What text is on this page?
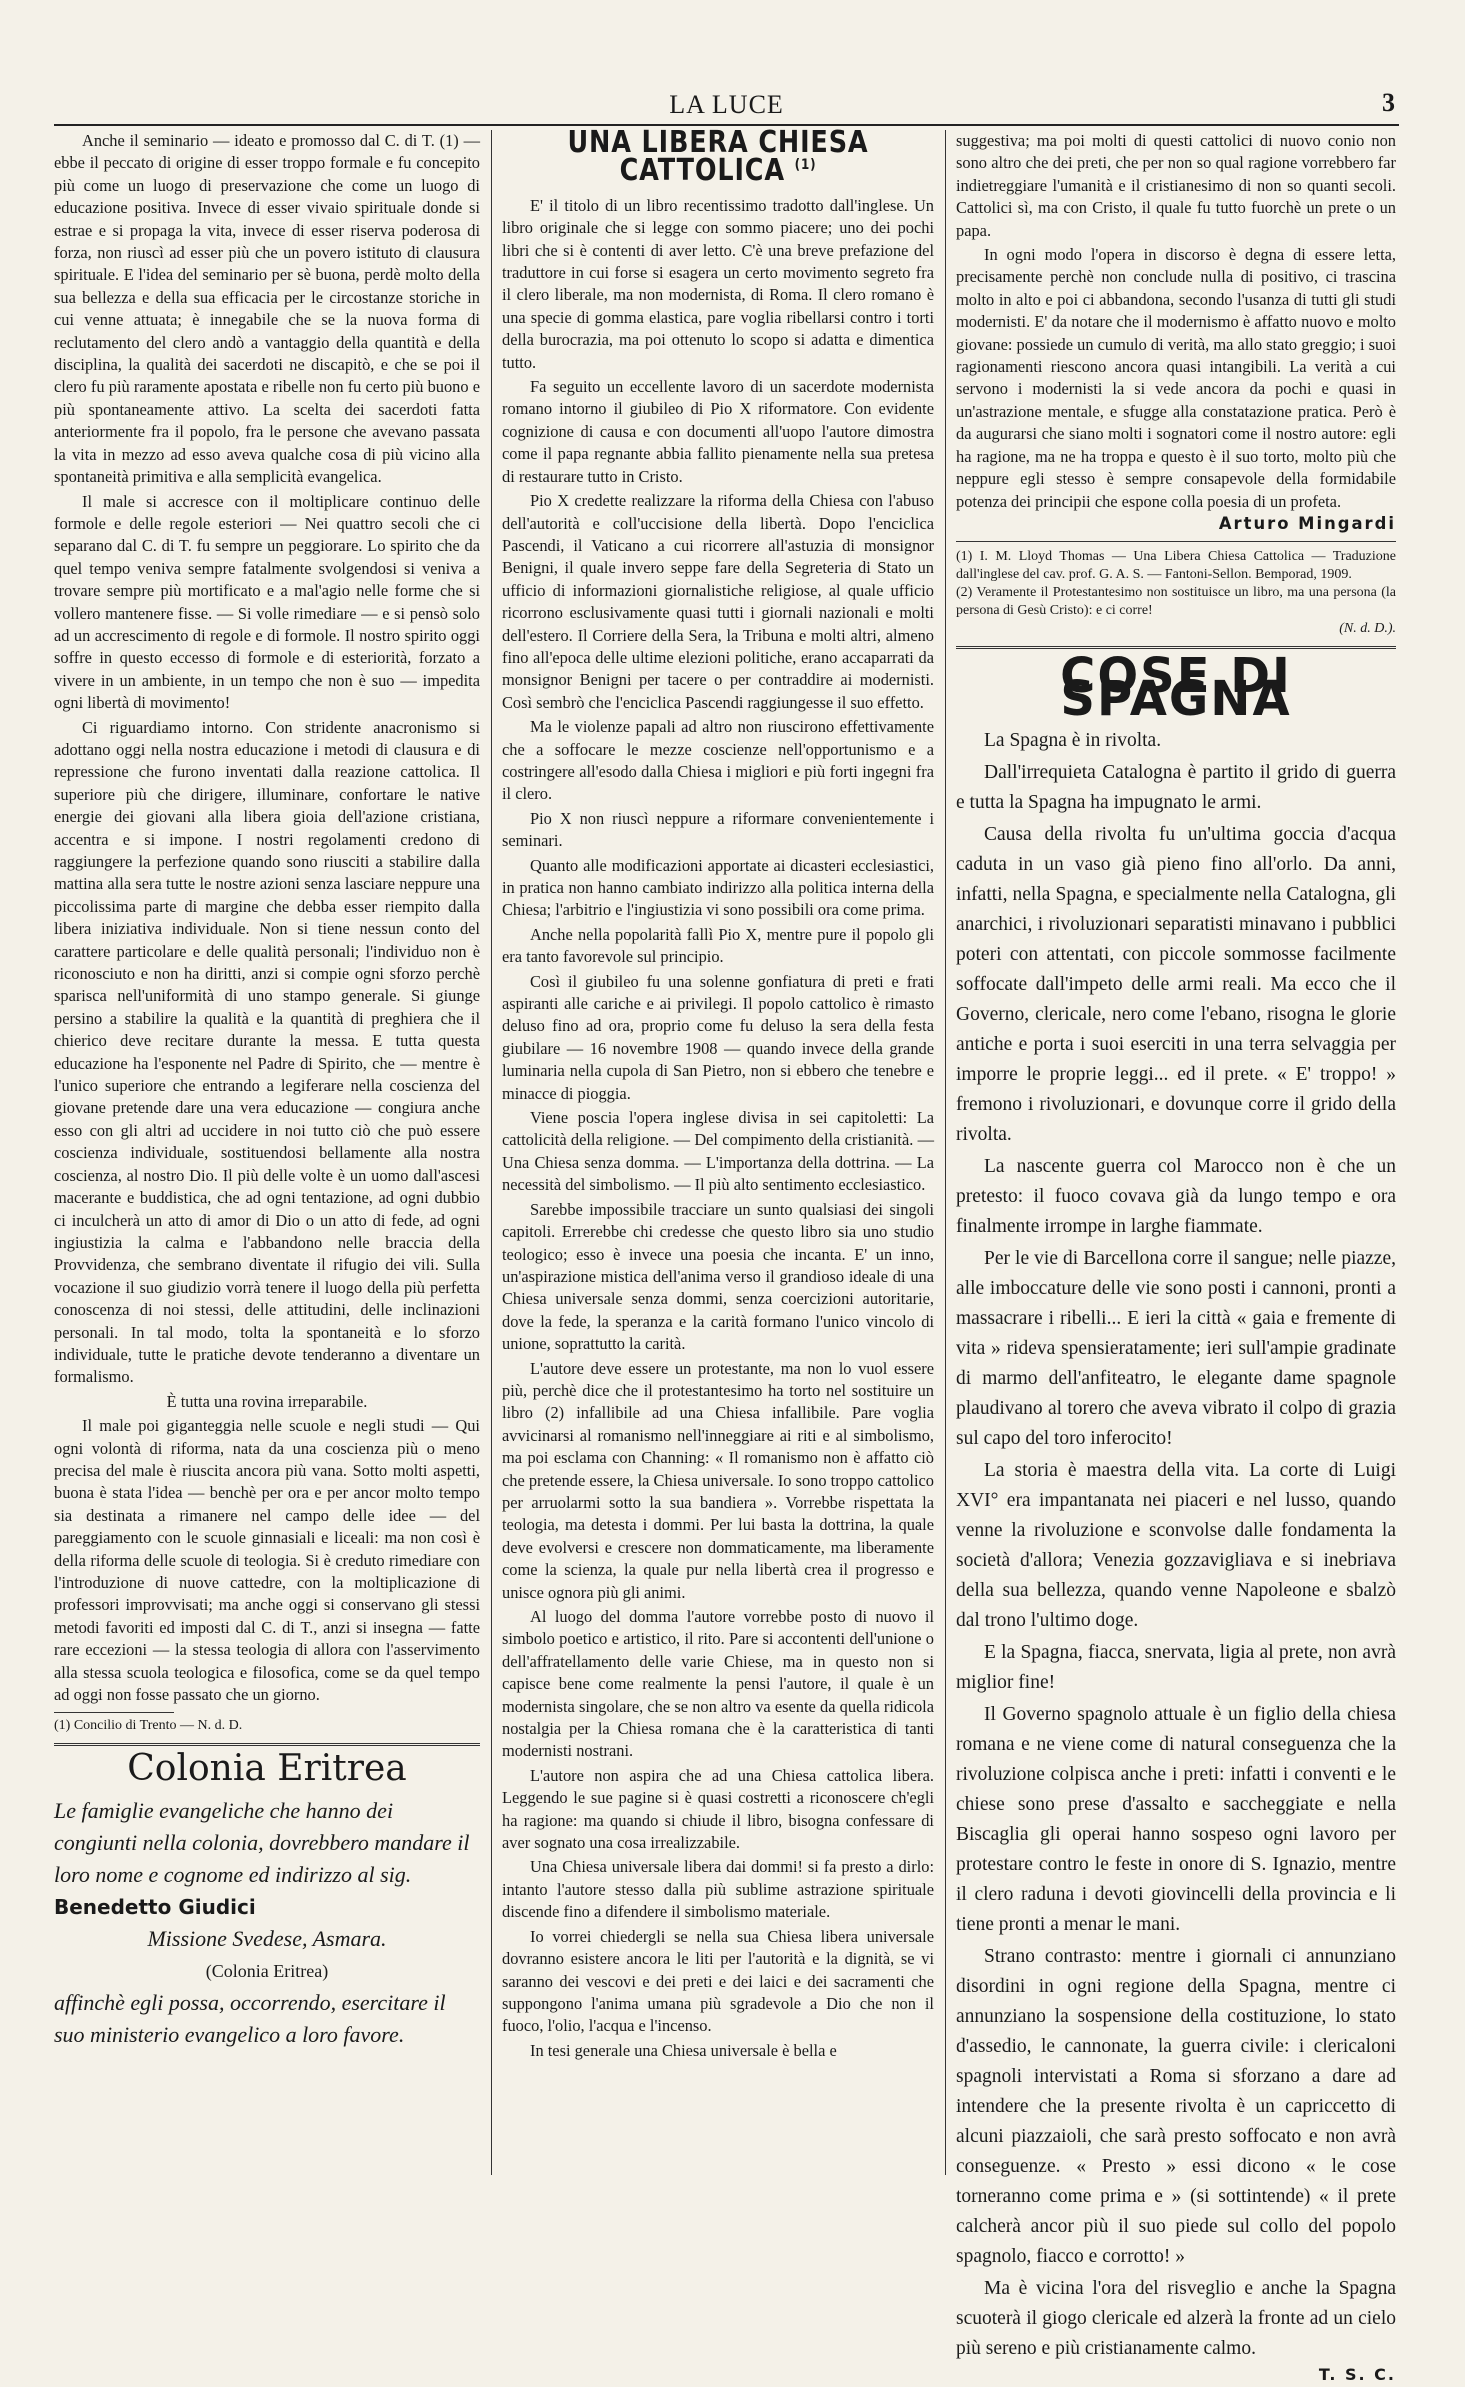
LA LUCE	3

Anche il seminario — ideato e promosso dal C. di T. (1) — ebbe il peccato di origine di esser troppo formale e fu concepito più come un luogo di preservazione che come un luogo di educazione positiva. Invece di esser vivaio spirituale donde si estrae e si propaga la vita, invece di esser riserva poderosa di forza, non riuscì ad esser più che un povero istituto di clausura spirituale. E l'idea del seminario per sè buona, perdè molto della sua bellezza e della sua efficacia per le circostanze storiche in cui venne attuata; è innegabile che se la nuova forma di reclutamento del clero andò a vantaggio della quantità e della disciplina, la qualità dei sacerdoti ne discapitò, e che se poi il clero fu più raramente apostata e ribelle non fu certo più buono e più spontaneamente attivo. La scelta dei sacerdoti fatta anteriormente fra il popolo, fra le persone che avevano passata la vita in mezzo ad esso aveva qualche cosa di più vicino alla spontaneità primitiva e alla semplicità evangelica.

Il male si accresce con il moltiplicare continuo delle formole e delle regole esteriori — Nei quattro secoli che ci separano dal C. di T. fu sempre un peggiorare. Lo spirito che da quel tempo veniva sempre fatalmente svolgendosi si veniva a trovare sempre più mortificato e a mal'agio nelle forme che si vollero mantenere fisse. — Si volle rimediare — e si pensò solo ad un accrescimento di regole e di formole. Il nostro spirito oggi soffre in questo eccesso di formole e di esteriorità, forzato a vivere in un ambiente, in un tempo che non è suo — impedita ogni libertà di movimento!

Ci riguardiamo intorno. Con stridente anacronismo si adottano oggi nella nostra educazione i metodi di clausura e di repressione che furono inventati dalla reazione cattolica. Il superiore più che dirigere, illuminare, confortare le native energie dei giovani alla libera gioia dell'azione cristiana, accentra e si impone. I nostri regolamenti credono di raggiungere la perfezione quando sono riusciti a stabilire dalla mattina alla sera tutte le nostre azioni senza lasciare neppure una piccolissima parte di margine che debba esser riempito dalla libera iniziativa individuale. Non si tiene nessun conto del carattere particolare e delle qualità personali; l'individuo non è riconosciuto e non ha diritti, anzi si compie ogni sforzo perchè sparisca nell'uniformità di uno stampo generale. Si giunge persino a stabilire la qualità e la quantità di preghiera che il chierico deve recitare durante la messa. E tutta questa educazione ha l'esponente nel Padre di Spirito, che — mentre è l'unico superiore che entrando a legiferare nella coscienza del giovane pretende dare una vera educazione — congiura anche esso con gli altri ad uccidere in noi tutto ciò che può essere coscienza individuale, sostituendosi bellamente alla nostra coscienza, al nostro Dio. Il più delle volte è un uomo dall'ascesi macerante e buddistica, che ad ogni tentazione, ad ogni dubbio ci inculcherà un atto di amor di Dio o un atto di fede, ad ogni ingiustizia la calma e l'abbandono nelle braccia della Provvidenza, che sembrano diventate il rifugio dei vili. Sulla vocazione il suo giudizio vorrà tenere il luogo della più perfetta conoscenza di noi stessi, delle attitudini, delle inclinazioni personali. In tal modo, tolta la spontaneità e lo sforzo individuale, tutte le pratiche devote tenderanno a diventare un formalismo.

È tutta una rovina irreparabile.

Il male poi giganteggia nelle scuole e negli studi — Qui ogni volontà di riforma, nata da una coscienza più o meno precisa del male è riuscita ancora più vana. Sotto molti aspetti, buona è stata l'idea — benchè per ora e per ancor molto tempo sia destinata a rimanere nel campo delle idee — del pareggiamento con le scuole ginnasiali e liceali: ma non così è della riforma delle scuole di teologia. Si è creduto rimediare con l'introduzione di nuove cattedre, con la moltiplicazione di professori improvvisati; ma anche oggi si conservano gli stessi metodi favoriti ed imposti dal C. di T., anzi si insegna — fatte rare eccezioni — la stessa teologia di allora con l'asservimento alla stessa scuola teologica e filosofica, come se da quel tempo ad oggi non fosse passato che un giorno.

(1) Concilio di Trento — N. d. D.
Colonia Eritrea
Le famiglie evangeliche che hanno dei congiunti nella colonia, dovrebbero mandare il loro nome e cognome ed indirizzo al sig. Benedetto Giudici
Missione Svedese, Asmara.
(Colonia Eritrea)
affinchè egli possa, occorrendo, esercitare il suo ministerio evangelico a loro favore.
UNA LIBERA CHIESA CATTOLICA $^{(1)}$

E' il titolo di un libro recentissimo tradotto dall'inglese. Un libro originale che si legge con sommo piacere; uno dei pochi libri che si è contenti di aver letto. C'è una breve prefazione del traduttore in cui forse si esagera un certo movimento segreto fra il clero liberale, ma non modernista, di Roma. Il clero romano è una specie di gomma elastica, pare voglia ribellarsi contro i torti della burocrazia, ma poi ottenuto lo scopo si adatta e dimentica tutto.

Fa seguito un eccellente lavoro di un sacerdote modernista romano intorno il giubileo di Pio X riformatore. Con evidente cognizione di causa e con documenti all'uopo l'autore dimostra come il papa regnante abbia fallito pienamente nella sua pretesa di restaurare tutto in Cristo.

Pio X credette realizzare la riforma della Chiesa con l'abuso dell'autorità e coll'uccisione della libertà. Dopo l'enciclica Pascendi, il Vaticano a cui ricorrere all'astuzia di monsignor Benigni, il quale invero seppe fare della Segreteria di Stato un ufficio di informazioni giornalistiche religiose, al quale ufficio ricorrono esclusivamente quasi tutti i giornali nazionali e molti dell'estero. Il Corriere della Sera, la Tribuna e molti altri, almeno fino all'epoca delle ultime elezioni politiche, erano accaparrati da monsignor Benigni per tacere o per contraddire ai modernisti. Così sembrò che l'enciclica Pascendi raggiungesse il suo effetto.

Ma le violenze papali ad altro non riuscirono effettivamente che a soffocare le mezze coscienze nell'opportunismo e a costringere all'esodo dalla Chiesa i migliori e più forti ingegni fra il clero.

Pio X non riuscì neppure a riformare convenientemente i seminari.

Quanto alle modificazioni apportate ai dicasteri ecclesiastici, in pratica non hanno cambiato indirizzo alla politica interna della Chiesa; l'arbitrio e l'ingiustizia vi sono possibili ora come prima.

Anche nella popolarità fallì Pio X, mentre pure il popolo gli era tanto favorevole sul principio.

Così il giubileo fu una solenne gonfiatura di preti e frati aspiranti alle cariche e ai privilegi. Il popolo cattolico è rimasto deluso fino ad ora, proprio come fu deluso la sera della festa giubilare — 16 novembre 1908 — quando invece della grande luminaria nella cupola di San Pietro, non si ebbero che tenebre e minacce di pioggia.

Viene poscia l'opera inglese divisa in sei capitoletti: La cattolicità della religione. — Del compimento della cristianità. — Una Chiesa senza domma. — L'importanza della dottrina. — La necessità del simbolismo. — Il più alto sentimento ecclesiastico.

Sarebbe impossibile tracciare un sunto qualsiasi dei singoli capitoli. Errerebbe chi credesse che questo libro sia uno studio teologico; esso è invece una poesia che incanta. E' un inno, un'aspirazione mistica dell'anima verso il grandioso ideale di una Chiesa universale senza dommi, senza coercizioni autoritarie, dove la fede, la speranza e la carità formano l'unico vincolo di unione, soprattutto la carità.

L'autore deve essere un protestante, ma non lo vuol essere più, perchè dice che il protestantesimo ha torto nel sostituire un libro (2) infallibile ad una Chiesa infallibile. Pare voglia avvicinarsi al romanismo nell'inneggiare ai riti e al simbolismo, ma poi esclama con Channing: « Il romanismo non è affatto ciò che pretende essere, la Chiesa universale. Io sono troppo cattolico per arruolarmi sotto la sua bandiera ». Vorrebbe rispettata la teologia, ma detesta i dommi. Per lui basta la dottrina, la quale deve evolversi e crescere non dommaticamente, ma liberamente come la scienza, la quale pur nella libertà crea il progresso e unisce ognora più gli animi.

Al luogo del domma l'autore vorrebbe posto di nuovo il simbolo poetico e artistico, il rito. Pare si accontenti dell'unione o dell'affratellamento delle varie Chiese, ma in questo non si capisce bene come realmente la pensi l'autore, il quale è un modernista singolare, che se non altro va esente da quella ridicola nostalgia per la Chiesa romana che è la caratteristica di tanti modernisti nostrani.

L'autore non aspira che ad una Chiesa cattolica libera. Leggendo le sue pagine si è quasi costretti a riconoscere ch'egli ha ragione: ma quando si chiude il libro, bisogna confessare di aver sognato una cosa irrealizzabile.

Una Chiesa universale libera dai dommi! si fa presto a dirlo: intanto l'autore stesso dalla più sublime astrazione spirituale discende fino a difendere il simbolismo materiale.

Io vorrei chiedergli se nella sua Chiesa libera universale dovranno esistere ancora le liti per l'autorità e la dignità, se vi saranno dei vescovi e dei preti e dei laici e dei sacramenti che suppongono l'anima umana più sgradevole a Dio che non il fuoco, l'olio, l'acqua e l'incenso.

In tesi generale una Chiesa universale è bella e

suggestiva; ma poi molti di questi cattolici di nuovo conio non sono altro che dei preti, che per non so qual ragione vorrebbero far indietreggiare l'umanità e il cristianesimo di non so quanti secoli. Cattolici sì, ma con Cristo, il quale fu tutto fuorchè un prete o un papa.

In ogni modo l'opera in discorso è degna di essere letta, precisamente perchè non conclude nulla di positivo, ci trascina molto in alto e poi ci abbandona, secondo l'usanza di tutti gli studi modernisti. E' da notare che il modernismo è affatto nuovo e molto giovane: possiede un cumulo di verità, ma allo stato greggio; i suoi ragionamenti riescono ancora quasi intangibili. La verità a cui servono i modernisti la si vede ancora da pochi e quasi in un'astrazione mentale, e sfugge alla constatazione pratica. Però è da augurarsi che siano molti i sognatori come il nostro autore: egli ha ragione, ma ne ha troppa e questo è il suo torto, molto più che neppure egli stesso è sempre consapevole della formidabile potenza dei principii che espone colla poesia di un profeta.

Arturo Mingardi
(1) I. M. Lloyd Thomas — Una Libera Chiesa Cattolica — Traduzione dall'inglese del cav. prof. G. A. S. — Fantoni-Sellon. Bemporad, 1909.
(2) Veramente il Protestantesimo non sostituisce un libro, ma una persona (la persona di Gesù Cristo): e ci corre!
(N. d. D.).
COSE DI SPAGNA

La Spagna è in rivolta.

Dall'irrequieta Catalogna è partito il grido di guerra e tutta la Spagna ha impugnato le armi.

Causa della rivolta fu un'ultima goccia d'acqua caduta in un vaso già pieno fino all'orlo. Da anni, infatti, nella Spagna, e specialmente nella Catalogna, gli anarchici, i rivoluzionari separatisti minavano i pubblici poteri con attentati, con piccole sommosse facilmente soffocate dall'impeto delle armi reali. Ma ecco che il Governo, clericale, nero come l'ebano, risogna le glorie antiche e porta i suoi eserciti in una terra selvaggia per imporre le proprie leggi... ed il prete. « E' troppo! » fremono i rivoluzionari, e dovunque corre il grido della rivolta.

La nascente guerra col Marocco non è che un pretesto: il fuoco covava già da lungo tempo e ora finalmente irrompe in larghe fiammate.

Per le vie di Barcellona corre il sangue; nelle piazze, alle imboccature delle vie sono posti i cannoni, pronti a massacrare i ribelli... E ieri la città « gaia e fremente di vita » rideva spensieratamente; ieri sull'ampie gradinate di marmo dell'anfiteatro, le elegante dame spagnole plaudivano al torero che aveva vibrato il colpo di grazia sul capo del toro inferocito!

La storia è maestra della vita. La corte di Luigi XVI° era impantanata nei piaceri e nel lusso, quando venne la rivoluzione e sconvolse dalle fondamenta la società d'allora; Venezia gozzavigliava e si inebriava della sua bellezza, quando venne Napoleone e sbalzò dal trono l'ultimo doge.

E la Spagna, fiacca, snervata, ligia al prete, non avrà miglior fine!

Il Governo spagnolo attuale è un figlio della chiesa romana e ne viene come di natural conseguenza che la rivoluzione colpisca anche i preti: infatti i conventi e le chiese sono prese d'assalto e saccheggiate e nella Biscaglia gli operai hanno sospeso ogni lavoro per protestare contro le feste in onore di S. Ignazio, mentre il clero raduna i devoti giovincelli della provincia e li tiene pronti a menar le mani.

Strano contrasto: mentre i giornali ci annunziano disordini in ogni regione della Spagna, mentre ci annunziano la sospensione della costituzione, lo stato d'assedio, le cannonate, la guerra civile: i clericaloni spagnoli intervistati a Roma si sforzano a dare ad intendere che la presente rivolta è un capriccetto di alcuni piazzaioli, che sarà presto soffocato e non avrà conseguenze. « Presto » essi dicono « le cose torneranno come prima e » (si sottintende) « il prete calcherà ancor più il suo piede sul collo del popolo spagnolo, fiacco e corrotto! »

Ma è vicina l'ora del risveglio e anche la Spagna scuoterà il giogo clericale ed alzerà la fronte ad un cielo più sereno e più cristianamente calmo.

T. S. C.
